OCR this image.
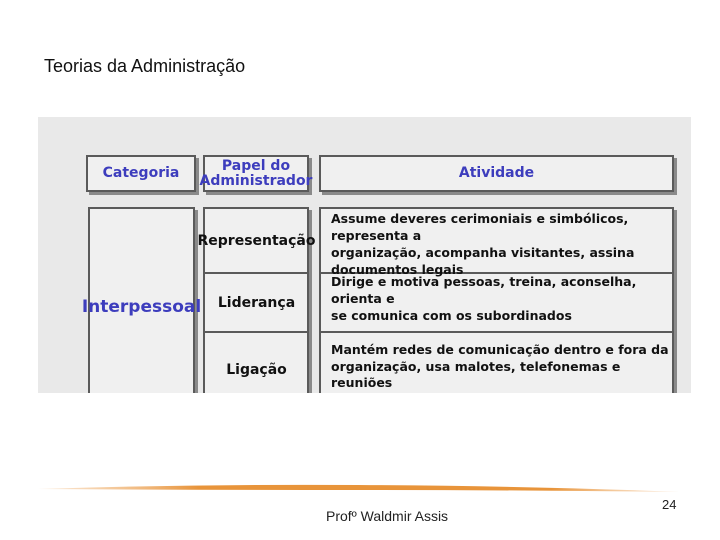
Teorias da Administração
Categoria	Papel do
Administrador	Atividade
Interpessoal
Representação
Liderança
Ligação
Assume deveres cerimoniais e simbólicos, representa a
organização, acompanha visitantes, assina documentos legais
Dirige e motiva pessoas, treina, aconselha, orienta e
se comunica com os subordinados
Mantém redes de comunicação dentro e fora da
organização, usa malotes, telefonemas e reuniões
Profº Waldmir Assis
24
